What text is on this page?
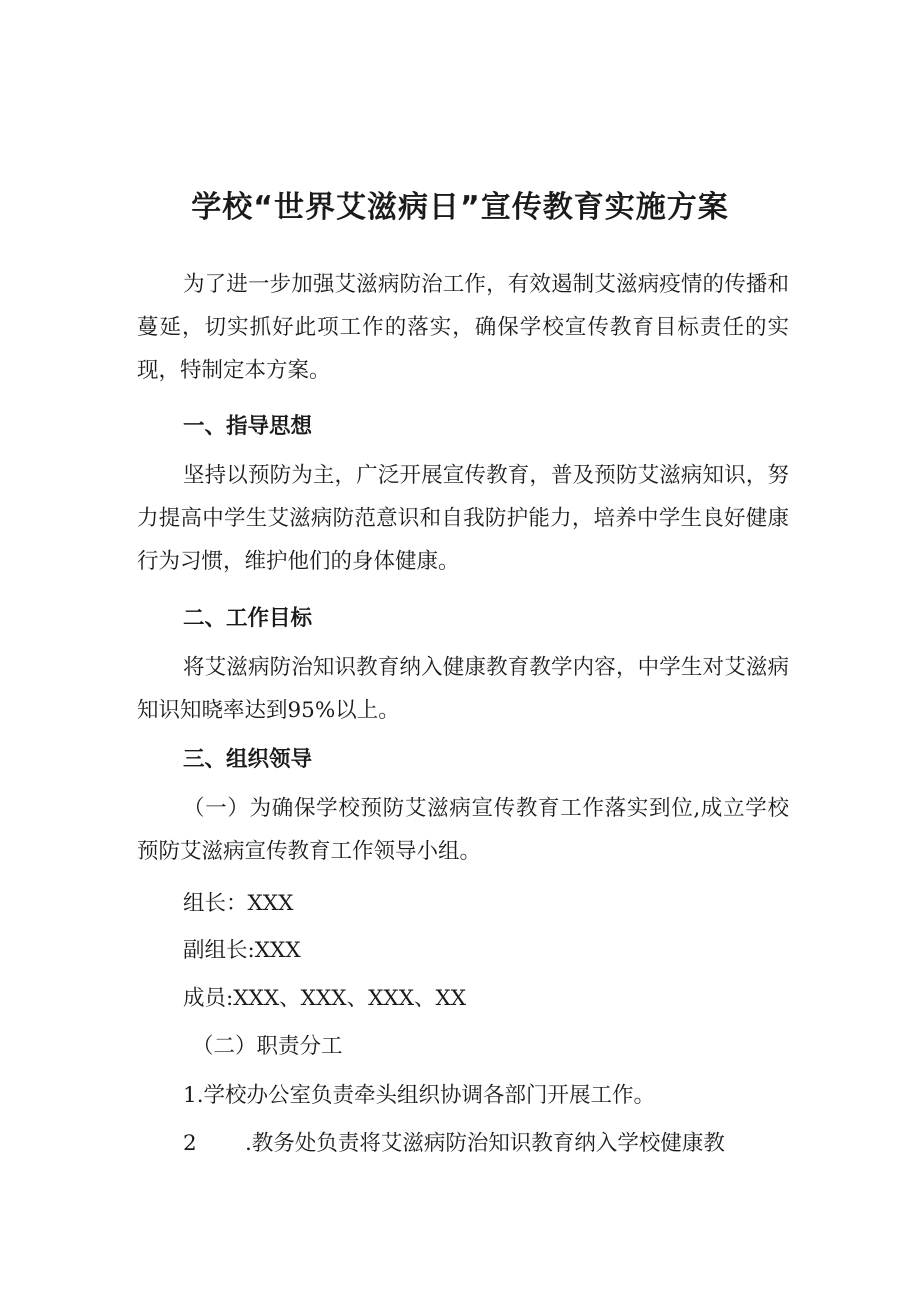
学校“世界艾滋病日”宣传教育实施方案

为了进一步加强艾滋病防治工作，有效遏制艾滋病疫情的传播和蔓延，切实抓好此项工作的落实，确保学校宣传教育目标责任的实现，特制定本方案。

一、指导思想

坚持以预防为主，广泛开展宣传教育，普及预防艾滋病知识，努力提高中学生艾滋病防范意识和自我防护能力，培养中学生良好健康行为习惯，维护他们的身体健康。

二、工作目标

将艾滋病防治知识教育纳入健康教育教学内容，中学生对艾滋病知识知晓率达到95%以上。

三、组织领导

（一）为确保学校预防艾滋病宣传教育工作落实到位,成立学校预防艾滋病宣传教育工作领导小组。

组长：XXX
副组长:XXX
成员:XXX、XXX、XXX、XX
（二）职责分工
1.学校办公室负责牵头组织协调各部门开展工作。
2 .教务处负责将艾滋病防治知识教育纳入学校健康教
